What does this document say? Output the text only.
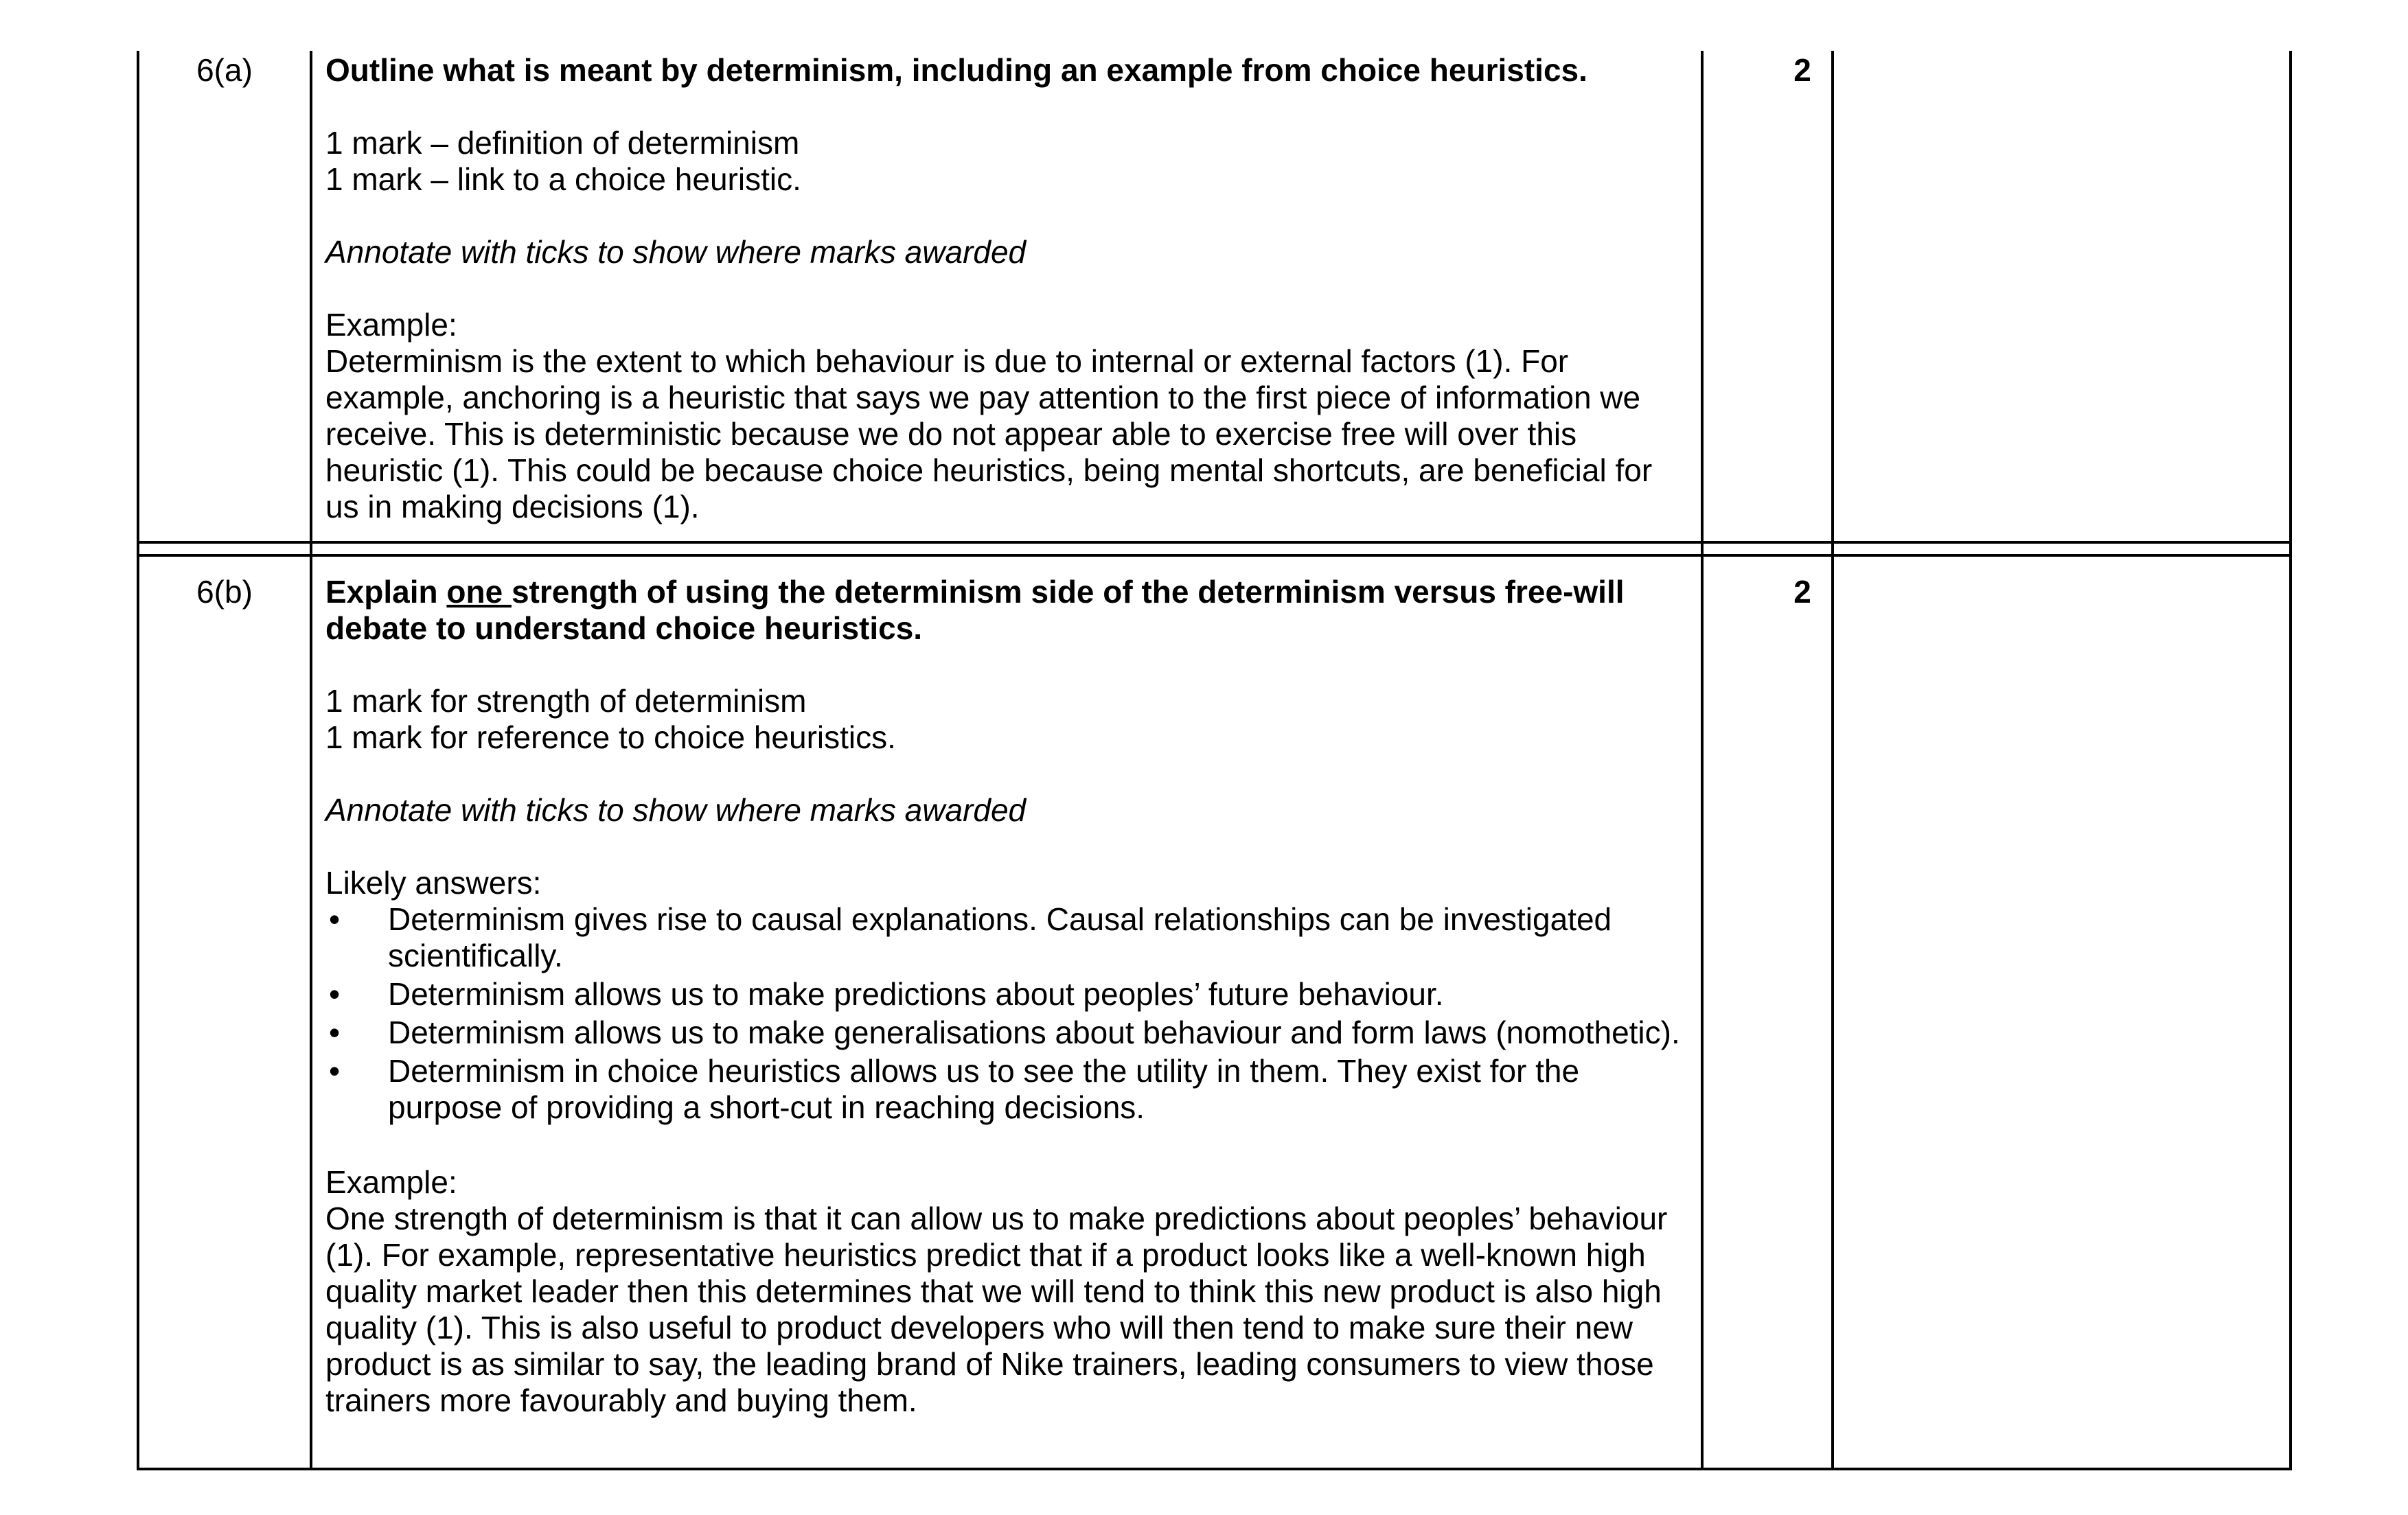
6(a)	Outline what is meant by determinism, including an example from choice heuristics.

1 mark – definition of determinism

1 mark – link to a choice heuristic.

Annotate with ticks to show where marks awarded

Example:

Determinism is the extent to which behaviour is due to internal or external factors (1). For example, anchoring is a heuristic that says we pay attention to the first piece of information we receive. This is deterministic because we do not appear able to exercise free will over this heuristic (1). This could be because choice heuristics, being mental shortcuts, are beneficial for us in making decisions (1).

2
6(b)	Explain one strength of using the determinism side of the determinism versus free-will debate to understand choice heuristics.

1 mark for strength of determinism

1 mark for reference to choice heuristics.

Annotate with ticks to show where marks awarded

Likely answers:

• Determinism gives rise to causal explanations. Causal relationships can be investigated scientifically.
• Determinism allows us to make predictions about peoples’ future behaviour.
• Determinism allows us to make generalisations about behaviour and form laws (nomothetic).
• Determinism in choice heuristics allows us to see the utility in them. They exist for the purpose of providing a short-cut in reaching decisions.

Example:

One strength of determinism is that it can allow us to make predictions about peoples’ behaviour (1). For example, representative heuristics predict that if a product looks like a well-known high quality market leader then this determines that we will tend to think this new product is also high quality (1). This is also useful to product developers who will then tend to make sure their new product is as similar to say, the leading brand of Nike trainers, leading consumers to view those trainers more favourably and buying them.

2
